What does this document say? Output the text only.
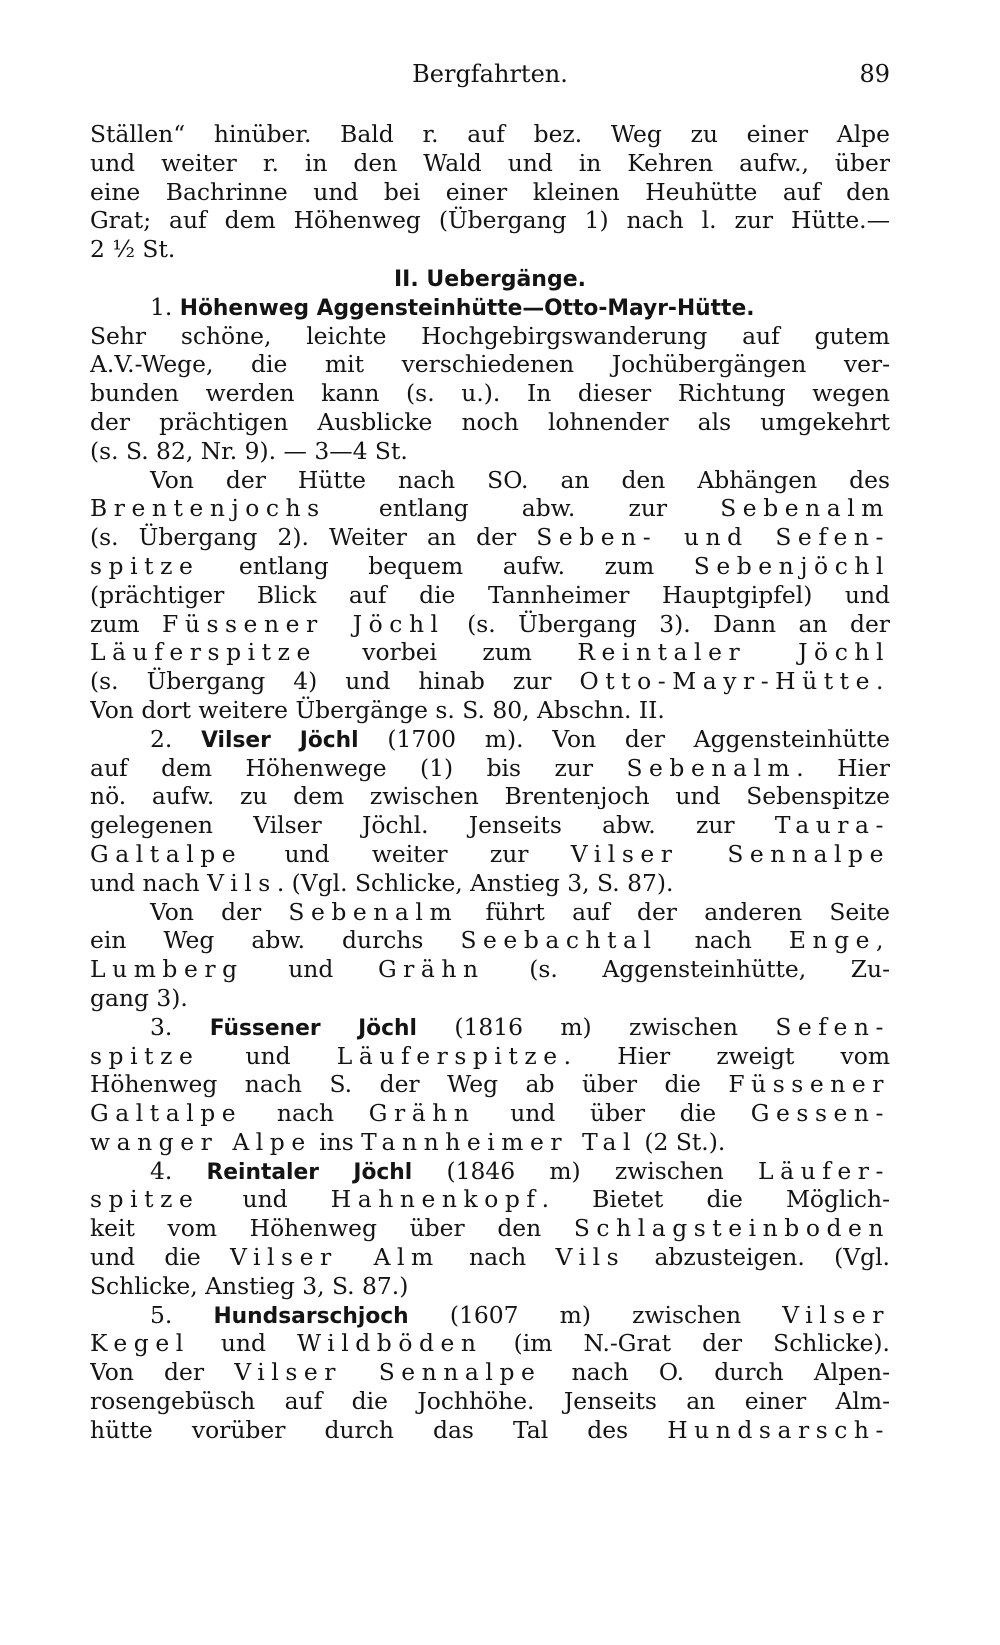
Bergfahrten.	89
Ställen“ hinüber. Bald r. auf bez. Weg zu einer Alpe
und weiter r. in den Wald und in Kehren aufw., über
eine Bachrinne und bei einer kleinen Heuhütte auf den
Grat; auf dem Höhenweg (Übergang 1) nach l. zur Hütte.—
2 ½ St.
II. Uebergänge.
1. Höhenweg Aggensteinhütte—Otto-Mayr-Hütte.
Sehr schöne, leichte Hochgebirgswanderung auf gutem
A.V.-Wege, die mit verschiedenen Jochübergängen ver-
bunden werden kann (s. u.). In dieser Richtung wegen
der prächtigen Ausblicke noch lohnender als umgekehrt
(s. S. 82, Nr. 9). — 3—4 St.
Von der Hütte nach SO. an den Abhängen des
Brentenjochs entlang abw. zur Sebenalm
(s. Übergang 2). Weiter an der Seben- und Sefen-
spitze entlang bequem aufw. zum Sebenjöchl
(prächtiger Blick auf die Tannheimer Hauptgipfel) und
zum Füssener Jöchl (s. Übergang 3). Dann an der
Läuferspitze vorbei zum Reintaler Jöchl
(s. Übergang 4) und hinab zur Otto-Mayr-Hütte.
Von dort weitere Übergänge s. S. 80, Abschn. II.
2. Vilser Jöchl (1700 m). Von der Aggensteinhütte
auf dem Höhenwege (1) bis zur Sebenalm. Hier
nö. aufw. zu dem zwischen Brentenjoch und Sebenspitze
gelegenen Vilser Jöchl. Jenseits abw. zur Taura-
Galtalpe und weiter zur Vilser Sennalpe
und nach Vils. (Vgl. Schlicke, Anstieg 3, S. 87).
Von der Sebenalm führt auf der anderen Seite
ein Weg abw. durchs Seebachtal nach Enge,
Lumberg und Grähn (s. Aggensteinhütte, Zu-
gang 3).
3. Füssener Jöchl (1816 m) zwischen Sefen-
spitze und Läuferspitze. Hier zweigt vom
Höhenweg nach S. der Weg ab über die Füssener
Galtalpe nach Grähn und über die Gessen-
wanger Alpe ins Tannheimer Tal (2 St.).
4. Reintaler Jöchl (1846 m) zwischen Läufer-
spitze und Hahnenkopf. Bietet die Möglich-
keit vom Höhenweg über den Schlagsteinboden
und die Vilser Alm nach Vils abzusteigen. (Vgl.
Schlicke, Anstieg 3, S. 87.)
5. Hundsarschjoch (1607 m) zwischen Vilser
Kegel und Wildböden (im N.-Grat der Schlicke).
Von der Vilser Sennalpe nach O. durch Alpen-
rosengebüsch auf die Jochhöhe. Jenseits an einer Alm-
hütte vorüber durch das Tal des Hundsarsch-
